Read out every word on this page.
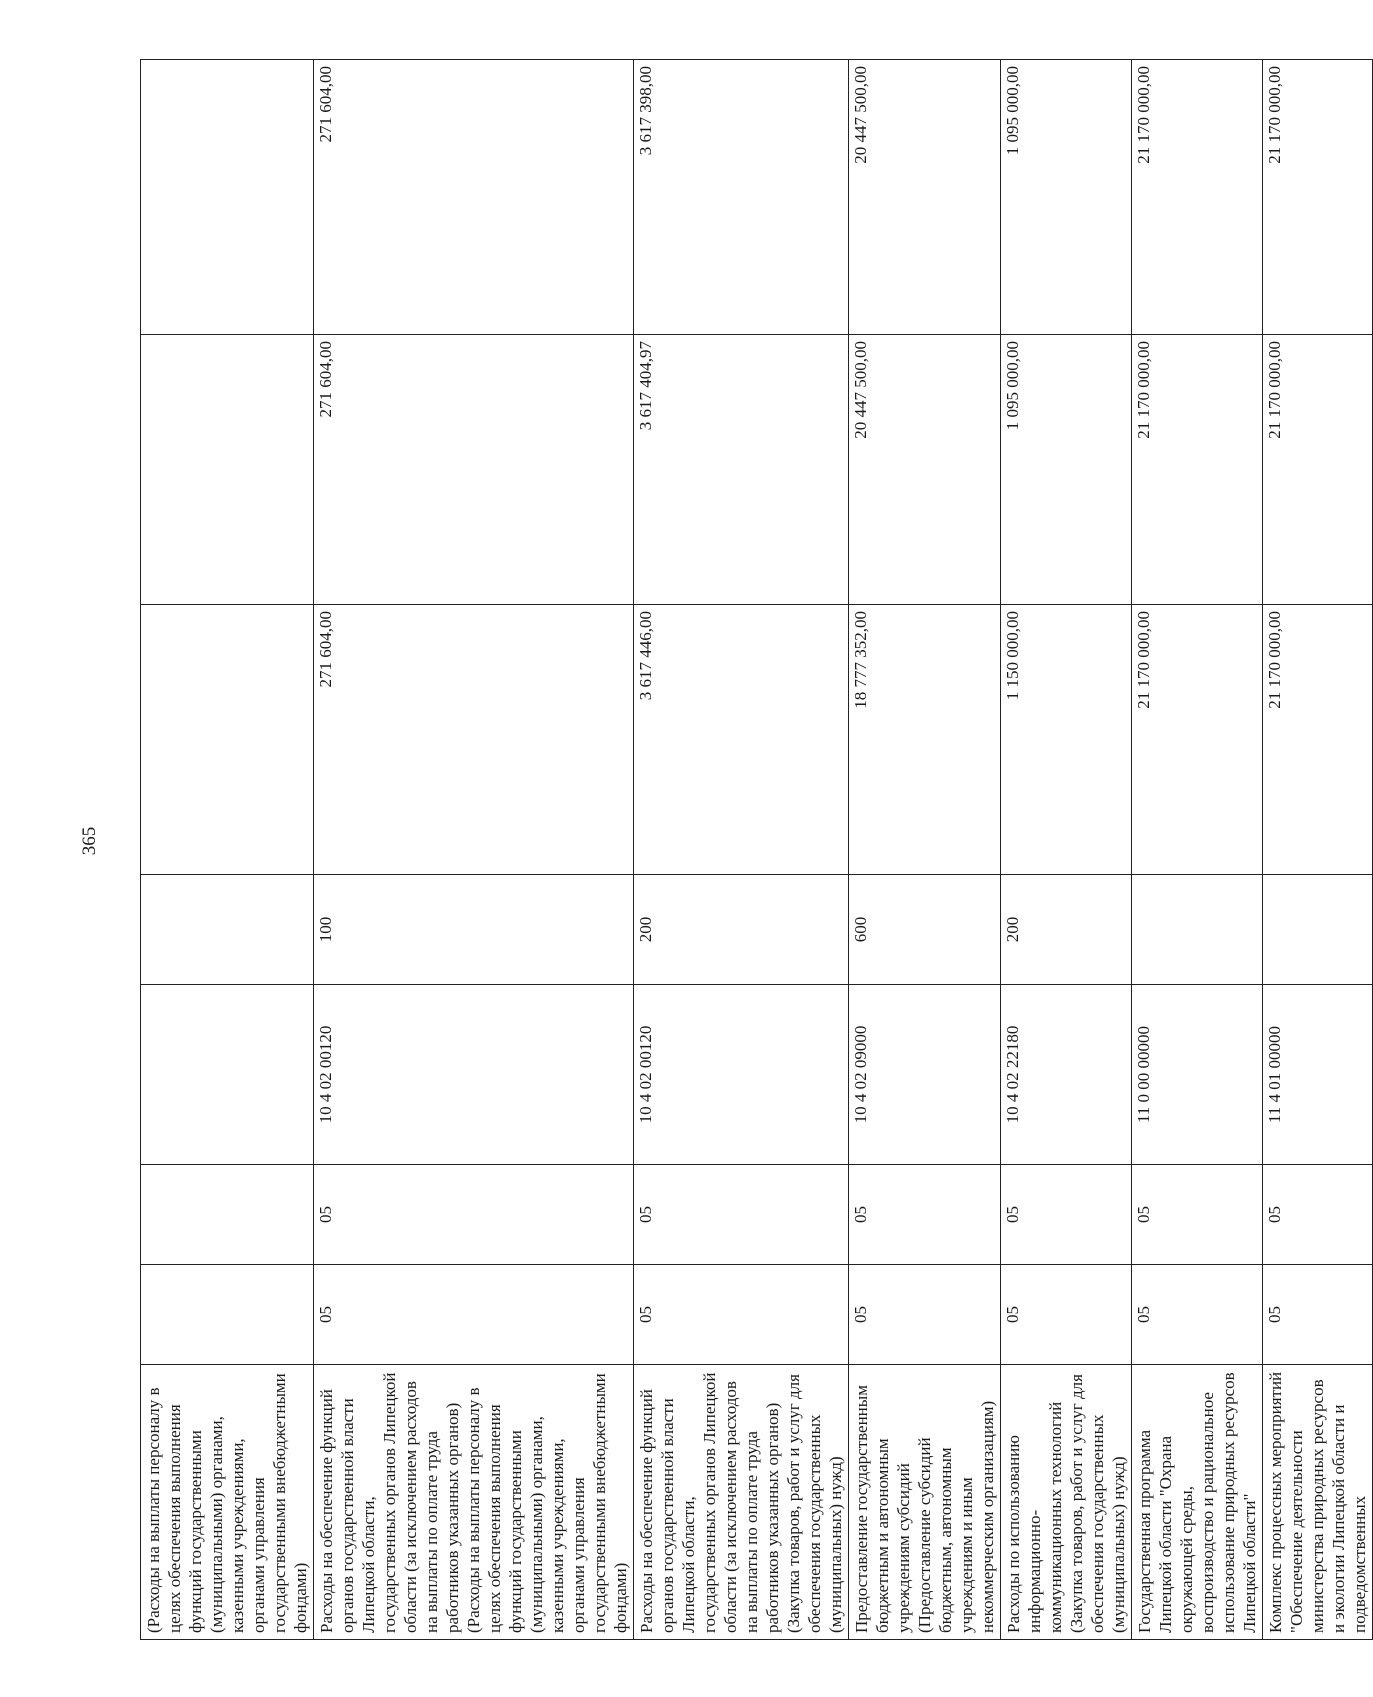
365
(Расходы на выплаты персоналу в целях обеспечения выполнения функций государственными (муниципальными) органами, казенными учреждениями, органами управления государственными внебюджетными фондами)							
Расходы на обеспечение функций органов государственной власти Липецкой области, государственных органов Липецкой области (за исключением расходов на выплаты по оплате труда работников указанных органов) (Расходы на выплаты персоналу в целях обеспечения выполнения функций государственными (муниципальными) органами, казенными учреждениями, органами управления государственными внебюджетными фондами)	05	05	10 4 02 00120	100	271 604,00	271 604,00	271 604,00
Расходы на обеспечение функций органов государственной власти Липецкой области, государственных органов Липецкой области (за исключением расходов на выплаты по оплате труда работников указанных органов) (Закупка товаров, работ и услуг для обеспечения государственных (муниципальных) нужд)	05	05	10 4 02 00120	200	3 617 446,00	3 617 404,97	3 617 398,00
Предоставление государственным бюджетным и автономным учреждениям субсидий (Предоставление субсидий бюджетным, автономным учреждениям и иным некоммерческим организациям)	05	05	10 4 02 09000	600	18 777 352,00	20 447 500,00	20 447 500,00
Расходы по использованию информационно-коммуникационных технологий (Закупка товаров, работ и услуг для обеспечения государственных (муниципальных) нужд)	05	05	10 4 02 22180	200	1 150 000,00	1 095 000,00	1 095 000,00
Государственная программа Липецкой области "Охрана окружающей среды, воспроизводство и рациональное использование природных ресурсов Липецкой области"	05	05	11 0 00 00000		21 170 000,00	21 170 000,00	21 170 000,00
Комплекс процессных мероприятий "Обеспечение деятельности министерства природных ресурсов и экологии Липецкой области и подведомственных	05	05	11 4 01 00000		21 170 000,00	21 170 000,00	21 170 000,00
